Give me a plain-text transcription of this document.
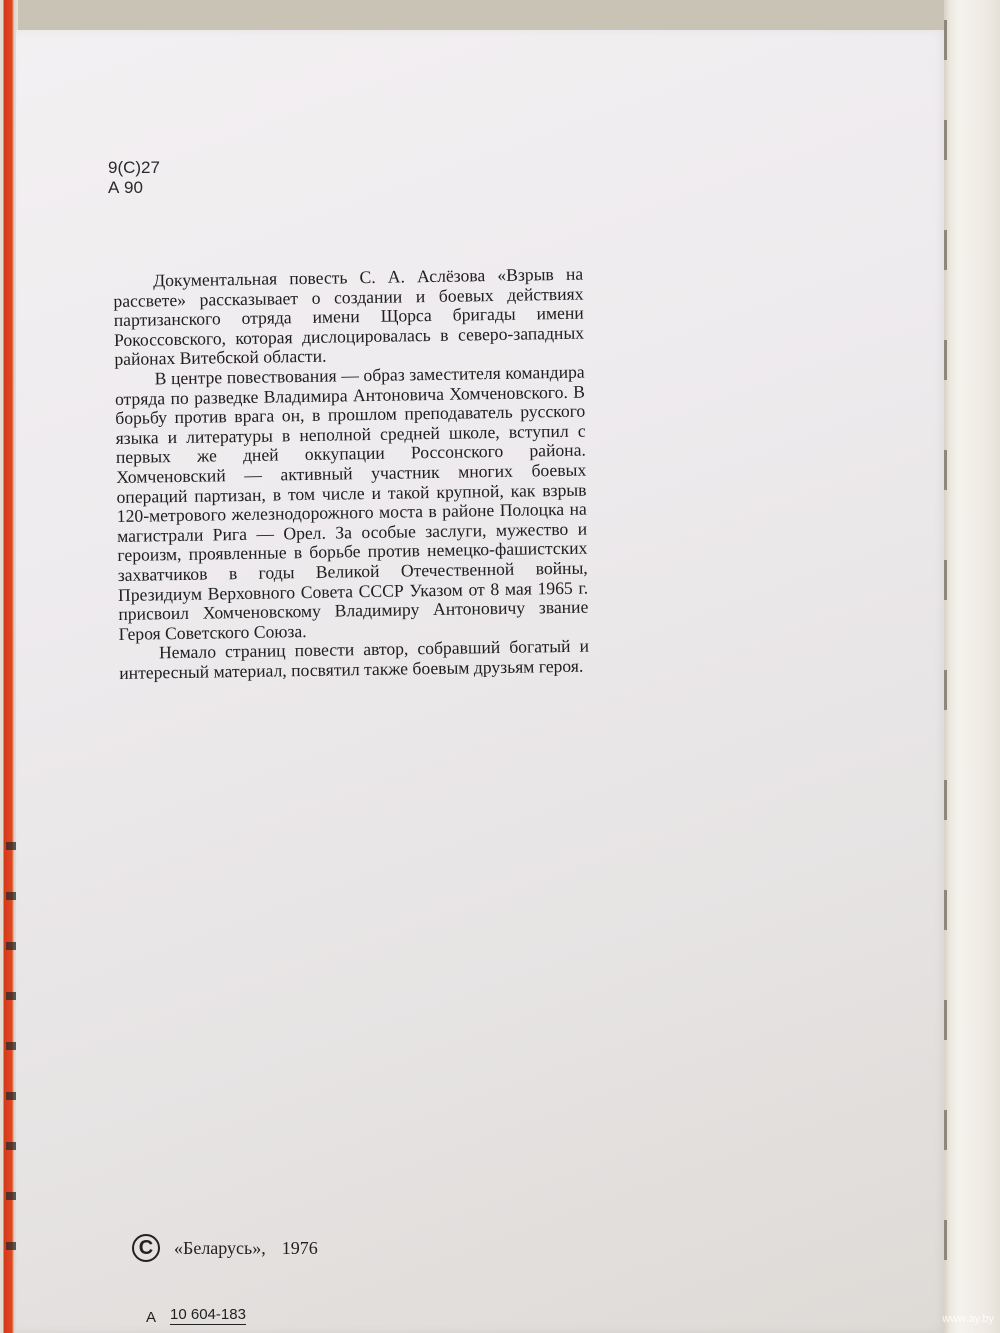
9(С)27
А 90

Документальная повесть С. А. Аслёзова «Взрыв на рассвете» рассказывает о создании и боевых действиях партизанского отряда имени Щорса бригады имени Рокоссовского, которая дислоцировалась в северо-западных районах Витебской области.

В центре повествования — образ заместителя командира отряда по разведке Владимира Антоновича Хомченовского. В борьбу против врага он, в прошлом преподаватель русского языка и литературы в неполной средней школе, вступил с первых же дней оккупации Россонского района. Хомченовский — активный участник многих боевых операций партизан, в том числе и такой крупной, как взрыв 120-метрового железнодорожного моста в районе Полоцка на магистрали Рига — Орел. За особые заслуги, мужество и героизм, проявленные в борьбе против немецко-фашистских захватчиков в годы Великой Отечественной войны, Президиум Верховного Совета СССР Указом от 8 мая 1965 г. присвоил Хомченовскому Владимиру Антоновичу звание Героя Советского Союза.

Немало страниц повести автор, собравший богатый и интересный материал, посвятил также боевым друзьям героя.

C	«Беларусь», 1976
А 10 604-183	www.ay.by
